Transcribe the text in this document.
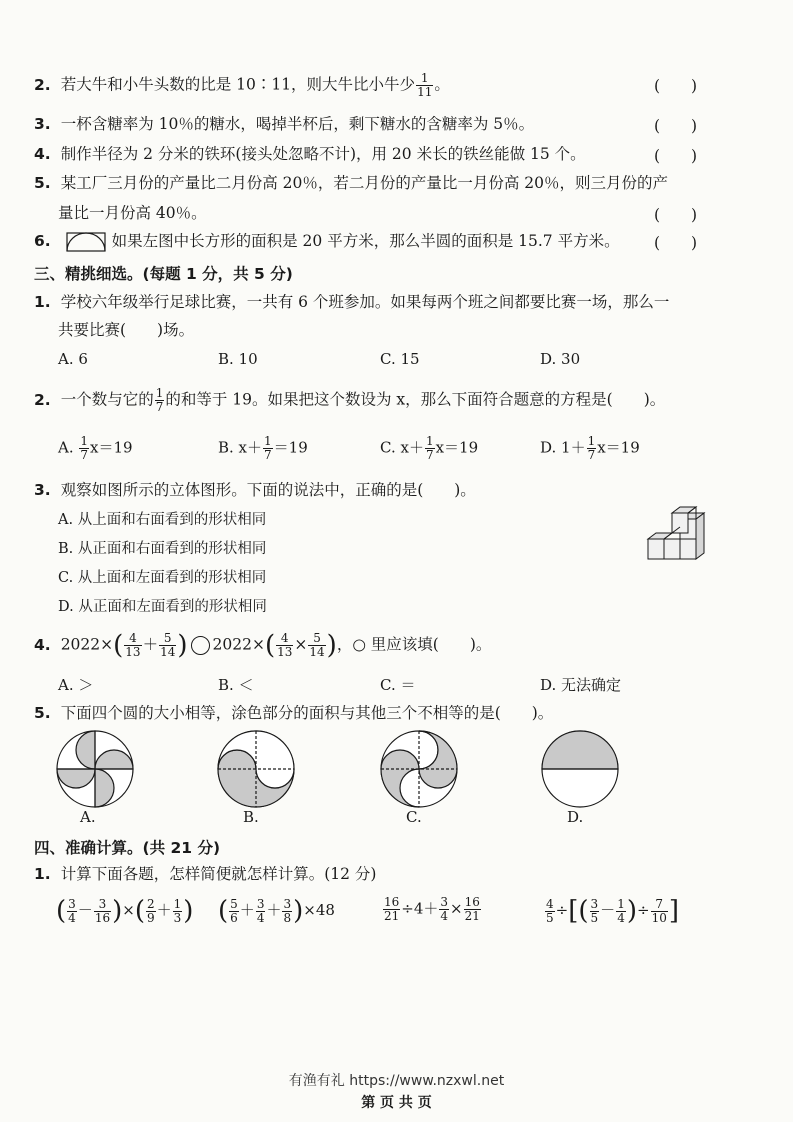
2. 若大牛和小牛头数的比是 10∶11，则大牛比小牛少 $\frac{1}{11}$ 。	(　　)
3. 一杯含糖率为 10％的糖水，喝掉半杯后，剩下糖水的含糖率为 5％。	(　　)
4. 制作半径为 2 分米的铁环(接头处忽略不计)，用 20 米长的铁丝能做 15 个。	(　　)
5. 某工厂三月份的产量比二月份高 20％，若二月份的产量比一月份高 20％，则三月份的产
量比一月份高 40％。	(　　)
6.	如果左图中长方形的面积是 20 平方米，那么半圆的面积是 15.7 平方米。 (　　)
三、精挑细选。(每题 1 分，共 5 分)
1. 学校六年级举行足球比赛，一共有 6 个班参加。如果每两个班之间都要比赛一场，那么一
共要比赛(　　)场。
A. 6	B. 10	C. 15	D. 30
2. 一个数与它的 $\frac{1}{7}$ 的和等于 19。如果把这个数设为 x，那么下面符合题意的方程是(　　)。
A. $\frac{1}{7} x=19$	B. $x+ \frac{1}{7} =19$	C. $x+ \frac{1}{7} x=19$	D. $1+ \frac{1}{7} x=19$
3. 观察如图所示的立体图形。下面的说法中，正确的是(　　)。
A. 从上面和右面看到的形状相同
B. 从正面和右面看到的形状相同
C. 从上面和左面看到的形状相同
D. 从正面和左面看到的形状相同
4. $2022\times( \frac{4}{13} + \frac{5}{14}$ ) $2022\times( \frac{4}{13} \times \frac{5}{14}$ )，○ 里应该填(　　)。
A. ＞	B. ＜	C. ＝	D. 无法确定
5. 下面四个圆的大小相等，涂色部分的面积与其他三个不相等的是(　　)。
A.	B.	C.	D.
四、准确计算。(共 21 分)
1. 计算下面各题，怎样简便就怎样计算。(12 分)
( $\frac{3}{4} - \frac{3}{16}$ )×( $\frac{2}{9} + \frac{1}{3}$ ) ( $\frac{5}{6} + \frac{3}{4} + \frac{3}{8} )\times 48$	$\frac{16}{21} \div 4+ \frac{3}{4} \times \frac{16}{21}$	$\frac{4}{5}$ ÷[( $\frac{3}{5} - \frac{1}{4}$ )÷ $\frac{7}{10}$ ]
有渔有礼 https://www.nzxwl.net
第 页 共 页
